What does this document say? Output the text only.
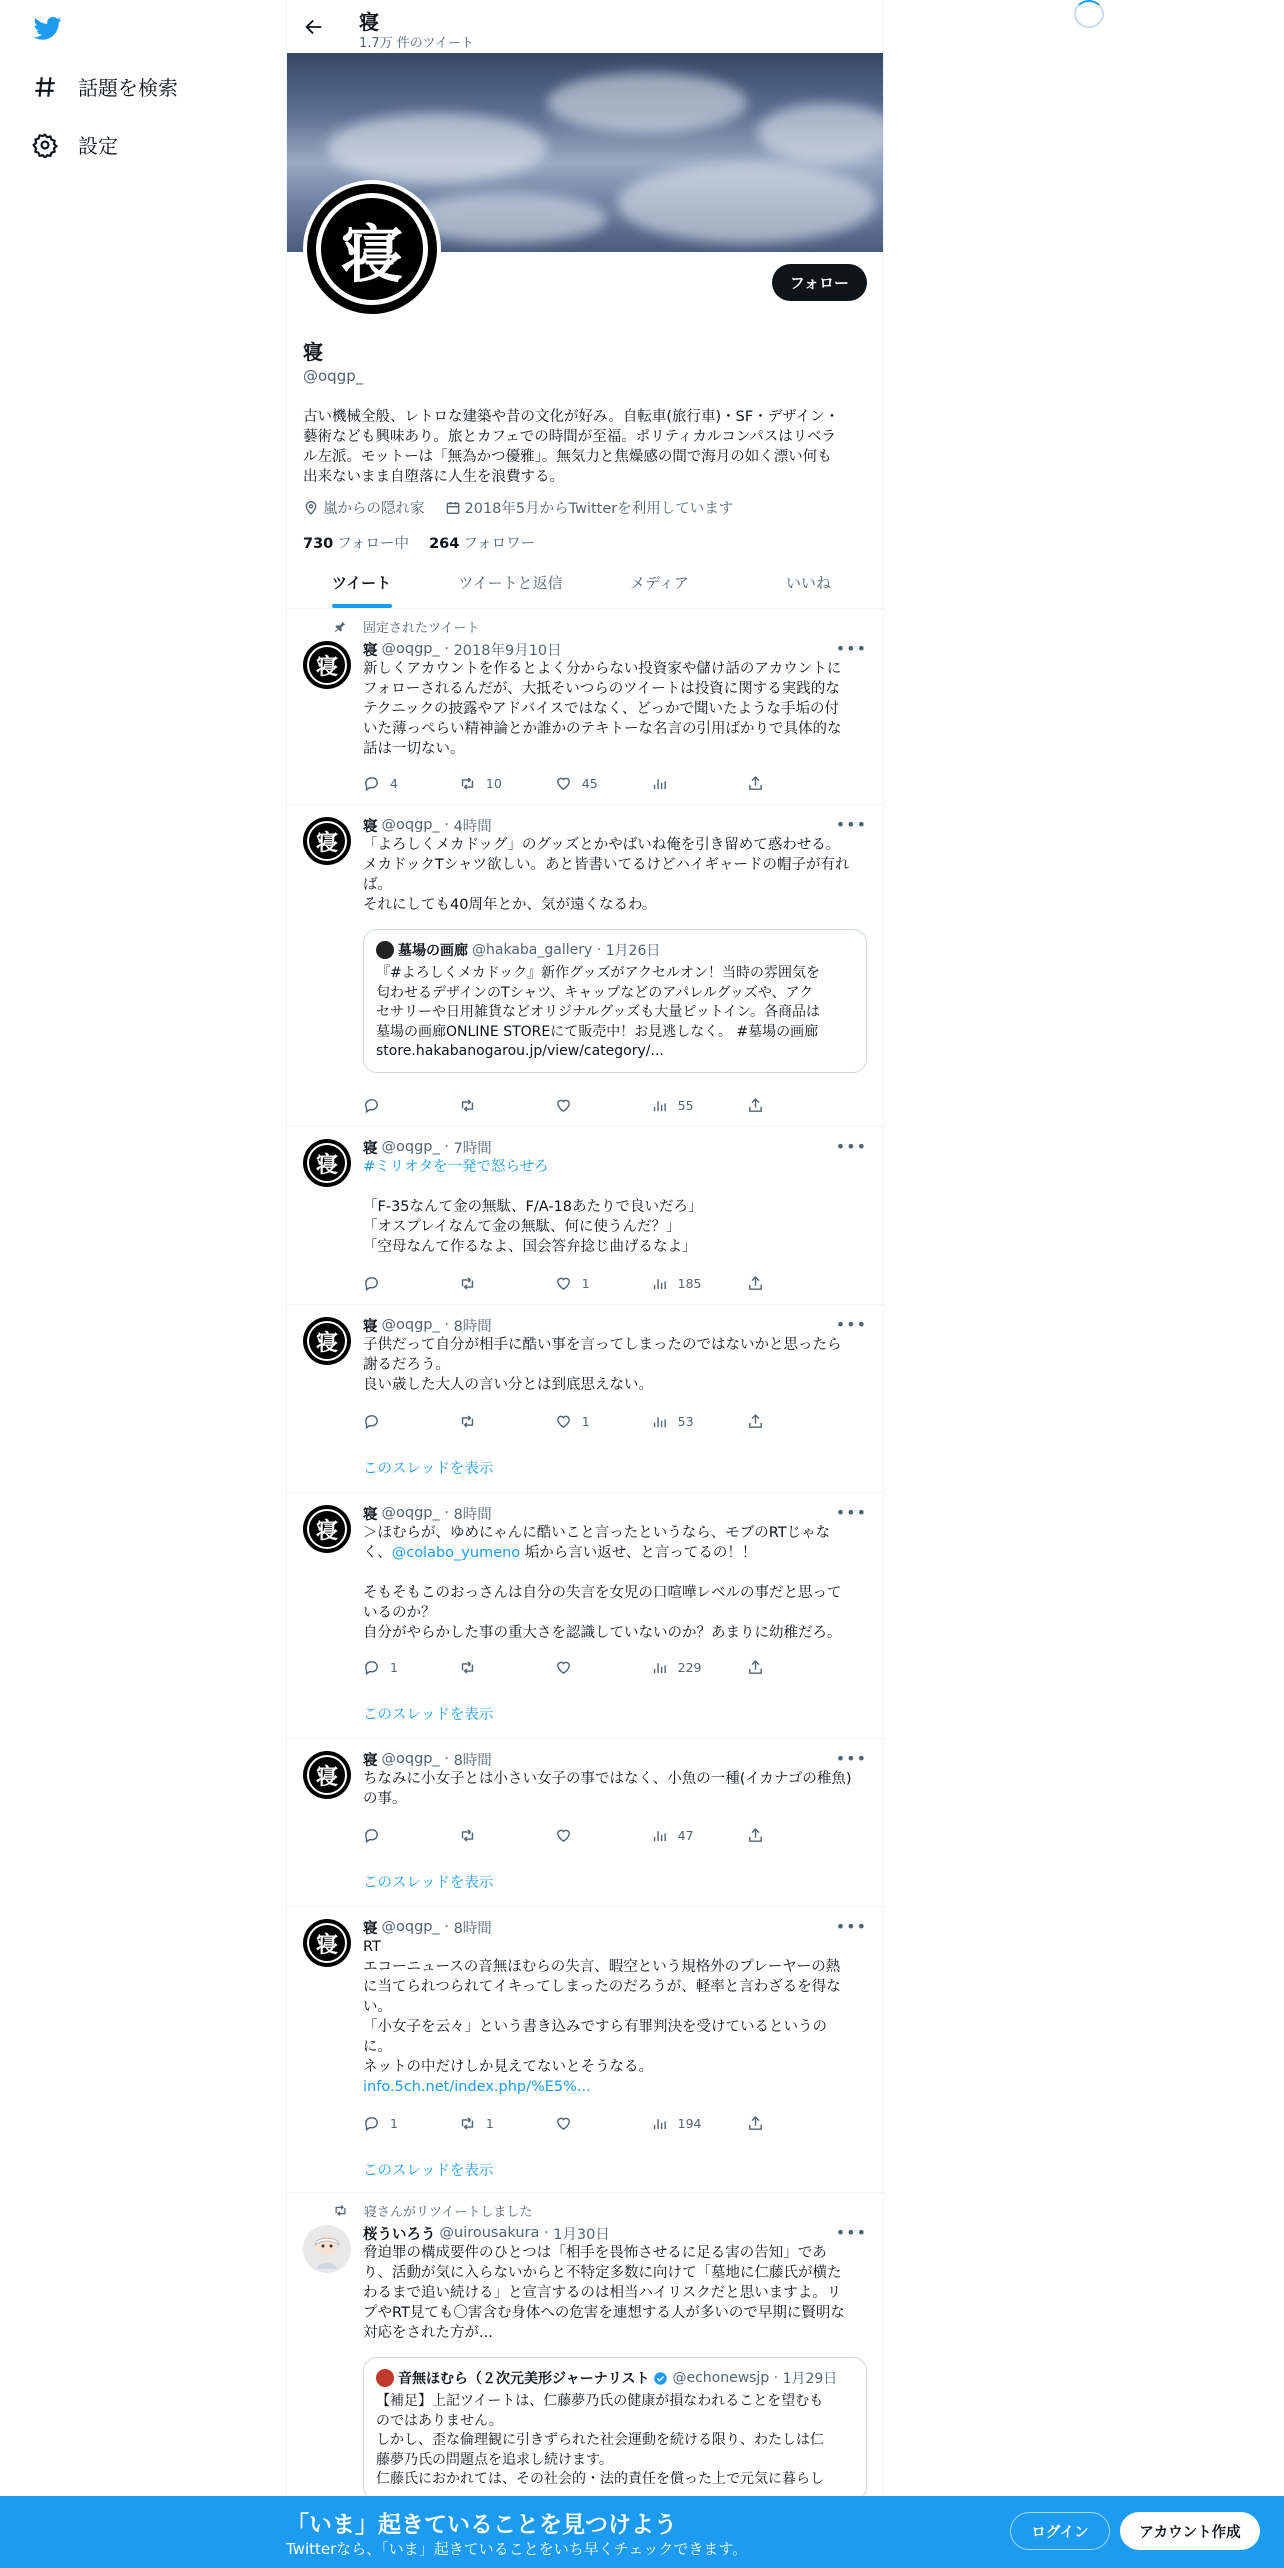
話題を検索
設定
寝
1.7万 件のツイート
寝	フォロー
寝
@oqgp_
古い機械全般、レトロな建築や昔の文化が好み。自転車(旅行車)・SF・デザイン・
藝術なども興味あり。旅とカフェでの時間が至福。ポリティカルコンパスはリベラ
ル左派。モットーは「無為かつ優雅」。無気力と焦燥感の間で海月の如く漂い何も
出来ないまま自堕落に人生を浪費する。
嵐からの隠れ家	2018年5月からTwitterを利用しています
730 フォロー中 264 フォロワー
ツイート	ツイートと返信	メディア	いいね
固定されたツイート
寝
寝 @oqgp_ · 2018年9月10日	•••
新しくアカウントを作るとよく分からない投資家や儲け話のアカウントに
フォローされるんだが、大抵そいつらのツイートは投資に関する実践的な
テクニックの披露やアドバイスではなく、どっかで聞いたような手垢の付
いた薄っぺらい精神論とか誰かのテキトーな名言の引用ばかりで具体的な
話は一切ない。
4	10	45
寝
寝 @oqgp_ · 4時間	•••
「よろしくメカドッグ」のグッズとかやばいね俺を引き留めて惑わせる。
メカドックTシャツ欲しい。あと皆書いてるけどハイギャードの帽子が有れ
ば。
それにしても40周年とか、気が遠くなるわ。
墓場の画廊 @hakaba_gallery · 1月26日
『#よろしくメカドック』新作グッズがアクセルオン！当時の雰囲気を
匂わせるデザインのTシャツ、キャップなどのアパレルグッズや、アク
セサリーや日用雑貨などオリジナルグッズも大量ピットイン。各商品は
墓場の画廊ONLINE STOREにて販売中！お見逃しなく。 #墓場の画廊
store.hakabanogarou.jp/view/category/...
55
寝
寝 @oqgp_ · 7時間	•••
#ミリオタを一発で怒らせろ

「F-35なんて金の無駄、F/A-18あたりで良いだろ」
「オスプレイなんて金の無駄、何に使うんだ？」
「空母なんて作るなよ、国会答弁捻じ曲げるなよ」
1	185
寝
寝 @oqgp_ · 8時間	•••
子供だって自分が相手に酷い事を言ってしまったのではないかと思ったら
謝るだろう。
良い歳した大人の言い分とは到底思えない。
1	53
このスレッドを表示
寝
寝 @oqgp_ · 8時間	•••
＞ほむらが、ゆめにゃんに酷いこと言ったというなら、モブのRTじゃな
く、@colabo_yumeno 垢から言い返せ、と言ってるの！！

そもそもこのおっさんは自分の失言を女児の口喧嘩レベルの事だと思って
いるのか？
自分がやらかした事の重大さを認識していないのか？あまりに幼稚だろ。
1	229
このスレッドを表示
寝
寝 @oqgp_ · 8時間	•••
ちなみに小女子とは小さい女子の事ではなく、小魚の一種(イカナゴの稚魚)
の事。
47
このスレッドを表示
寝
寝 @oqgp_ · 8時間	•••
RT
エコーニュースの音無ほむらの失言、暇空という規格外のプレーヤーの熱
に当てられつられてイキってしまったのだろうが、軽率と言わざるを得な
い。
「小女子を云々」という書き込みですら有罪判決を受けているというの
に。
ネットの中だけしか見えてないとそうなる。
info.5ch.net/index.php/%E5%...
1	1	194
このスレッドを表示
寝さんがリツイートしました
桜ういろう @uirousakura · 1月30日	•••
脅迫罪の構成要件のひとつは「相手を畏怖させるに足る害の告知」であ
り、活動が気に入らないからと不特定多数に向けて「墓地に仁藤氏が横た
わるまで追い続ける」と宣言するのは相当ハイリスクだと思いますよ。リ
プやRT見ても〇害含む身体への危害を連想する人が多いので早期に賢明な
対応をされた方が...
音無ほむら（２次元美形ジャーナリスト @echonewsjp · 1月29日
【補足】上記ツイートは、仁藤夢乃氏の健康が損なわれることを望むも
のではありません。
しかし、歪な倫理観に引きずられた社会運動を続ける限り、わたしは仁
藤夢乃氏の問題点を追求し続けます。
仁藤氏におかれては、その社会的・法的責任を償った上で元気に暮らし
「いま」起きていることを見つけよう
Twitterなら、「いま」起きていることをいち早くチェックできます。
ログイン	アカウント作成
